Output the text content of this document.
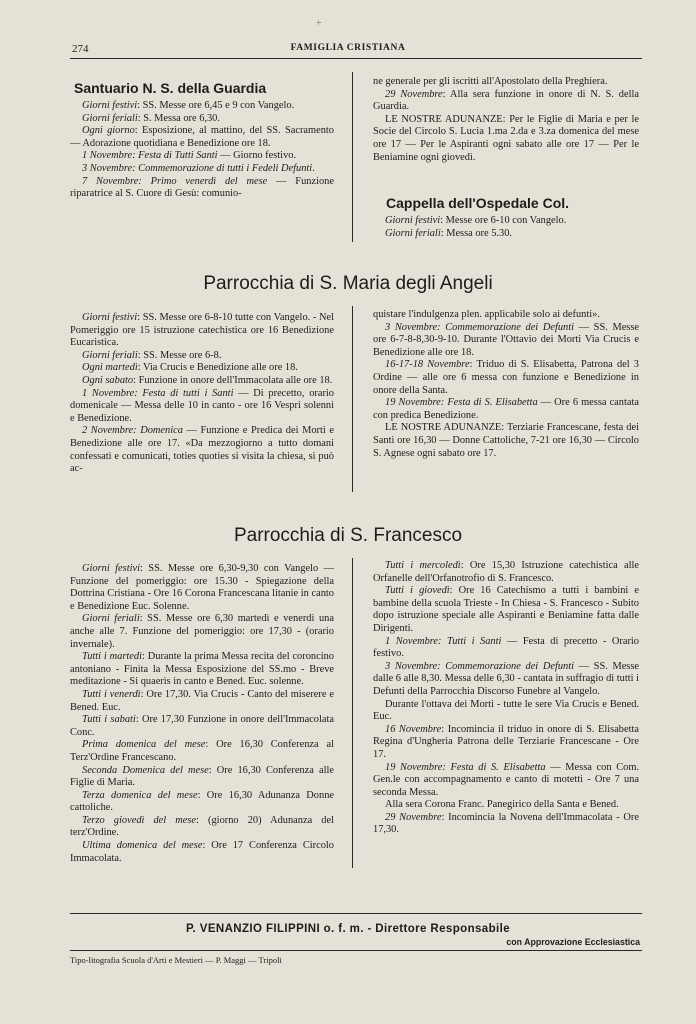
+
274	FAMIGLIA CRISTIANA
Santuario N. S. della Guardia

Giorni festivi: SS. Messe ore 6,45 e 9 con Vangelo.

Giorni feriali: S. Messa ore 6,30.

Ogni giorno: Esposizione, al mattino, del SS. Sacramento — Adorazione quotidiana e Benedizione ore 18.

1 Novembre: Festa di Tutti Santi — Giorno festivo.

3 Novembre: Commemorazione di tutti i Fedeli Defunti.

7 Novembre: Primo venerdì del mese — Funzione riparatrice al S. Cuore di Gesù: comunio-

ne generale per gli iscritti all'Apostolato della Preghiera.

29 Novembre: Alla sera funzione in onore di N. S. della Guardia.

LE NOSTRE ADUNANZE: Per le Figlie di Maria e per le Socie del Circolo S. Lucia 1.ma 2.da e 3.za domenica del mese ore 17 — Per le Aspiranti ogni sabato alle ore 17 — Per le Beniamine ogni giovedì.

Cappella dell'Ospedale Col.

Giorni festivi: Messe ore 6-10 con Vangelo.

Giorni feriali: Messa ore 5.30.

Parrocchia di S. Maria degli Angeli

Giorni festivi: SS. Messe ore 6-8-10 tutte con Vangelo. - Nel Pomeriggio ore 15 istruzione catechistica ore 16 Benedizione Eucaristica.

Giorni feriali: SS. Messe ore 6-8.

Ogni martedì: Via Crucis e Benedizione alle ore 18.

Ogni sabato: Funzione in onore dell'Immacolata alle ore 18.

1 Novembre: Festa di tutti i Santi — Di precetto, orario domenicale — Messa delle 10 in canto - ore 16 Vespri solenni e Benedizione.

2 Novembre: Domenica — Funzione e Predica dei Morti e Benedizione alle ore 17. «Da mezzogiorno a tutto domani confessati e comunicati, toties quoties si visita la chiesa, si può ac-

quistare l'indulgenza plen. applicabile solo ai defunti».

3 Novembre: Commemorazione dei Defunti — SS. Messe ore 6-7-8-8,30-9-10. Durante l'Ottavio dei Morti Via Crucis e Benedizione alle ore 18.

16-17-18 Novembre: Triduo di S. Elisabetta, Patrona del 3 Ordine — alle ore 6 messa con funzione e Benedizione in onore della Santa.

19 Novembre: Festa di S. Elisabetta — Ore 6 messa cantata con predica Benedizione.

LE NOSTRE ADUNANZE: Terziarie Francescane, festa dei Santi ore 16,30 — Donne Cattoliche, 7-21 ore 16,30 — Circolo S. Agnese ogni sabato ore 17.

Parrocchia di S. Francesco

Giorni festivi: SS. Messe ore 6,30-9,30 con Vangelo — Funzione del pomeriggio: ore 15.30 - Spiegazione della Dottrina Cristiana - Ore 16 Corona Francescana litanie in canto e Benedizione Euc. Solenne.

Giorni feriali: SS. Messe ore 6,30 martedì e venerdì una anche alle 7. Funzione del pomeriggio: ore 17,30 - (orario invernale).

Tutti i martedì: Durante la prima Messa recita del coroncino antoniano - Finita la Messa Esposizione del SS.mo - Breve meditazione - Si quaerìs in canto e Bened. Euc. solenne.

Tutti i venerdì: Ore 17,30. Via Crucis - Canto del miserere e Bened. Euc.

Tutti i sabati: Ore 17,30 Funzione in onore dell'Immacolata Conc.

Prima domenica del mese: Ore 16,30 Conferenza al Terz'Ordine Francescano.

Seconda Domenica del mese: Ore 16,30 Conferenza alle Figlie di Maria.

Terza domenica del mese: Ore 16,30 Adunanza Donne cattoliche.

Terzo giovedì del mese: (giorno 20) Adunanza del terz'Ordine.

Ultima domenica del mese: Ore 17 Conferenza Circolo Immacolata.

Tutti i mercoledì: Ore 15,30 Istruzione catechistica alle Orfanelle dell'Orfanotrofio di S. Francesco.

Tutti i giovedì: Ore 16 Catechismo a tutti i bambini e bambine della scuola Trieste - In Chiesa - S. Francesco - Subito dopo istruzione speciale alle Aspiranti e Beniamine fatta dalle Dirigenti.

1 Novembre: Tutti i Santi — Festa di precetto - Orario festivo.

3 Novembre: Commemorazione dei Defunti — SS. Messe dalle 6 alle 8,30. Messa delle 6,30 - cantata in suffragio di tutti i Defunti della Parrocchia Discorso Funebre al Vangelo.

Durante l'ottava dei Morti - tutte le sere Via Crucis e Bened. Euc.

16 Novembre: Incomincia il triduo in onore di S. Elisabetta Regina d'Ungheria Patrona delle Terziarie Francescane - Ore 17.

19 Novembre: Festa di S. Elisabetta — Messa con Com. Gen.le con accompagnamento e canto di motetti - Ore 7 una seconda Messa.

Alla sera Corona Franc. Panegirico della Santa e Bened.

29 Novembre: Incomincia la Novena dell'Immacolata - Ore 17,30.

P. VENANZIO FILIPPINI o. f. m. - Direttore Responsabile
con Approvazione Ecclesiastica
Tipo-litografia Scuola d'Arti e Mestieri — P. Maggi — Tripoli
